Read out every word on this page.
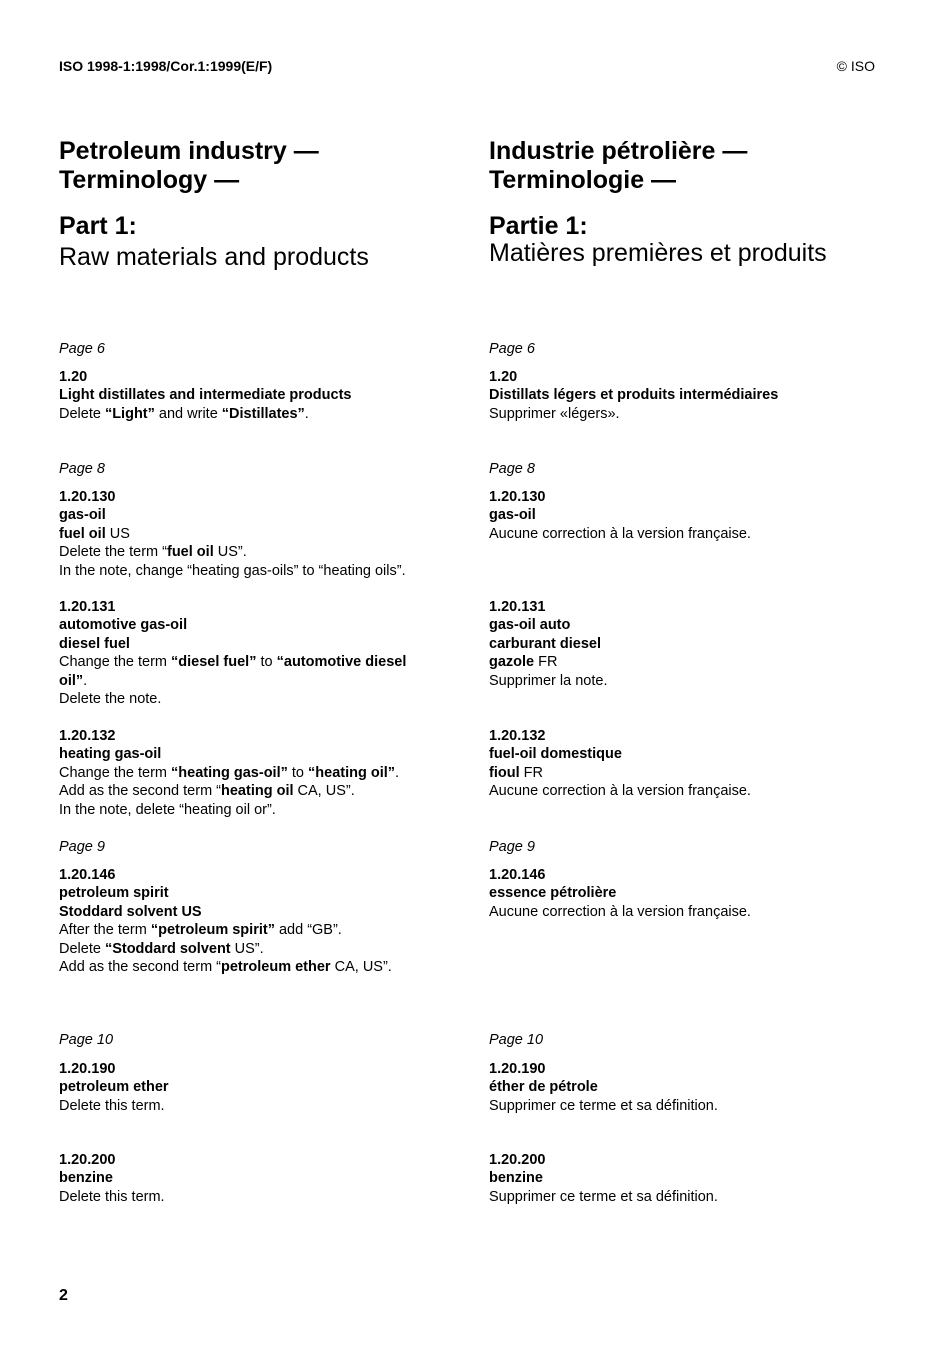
ISO 1998-1:1998/Cor.1:1999(E/F)	© ISO
Petroleum industry —
Terminology —
Part 1:
Raw materials and products
Industrie pétrolière —
Terminologie —
Partie 1:
Matières premières et produits
Page 6
1.20
Light distillates and intermediate products
Delete “Light” and write “Distillates”.
Page 8
1.20.130
gas-oil
fuel oil US
Delete the term “fuel oil US”.
In the note, change “heating gas-oils” to “heating oils”.
1.20.131
automotive gas-oil
diesel fuel
Change the term “diesel fuel” to “automotive diesel
oil”.
Delete the note.
1.20.132
heating gas-oil
Change the term “heating gas-oil” to “heating oil”.
Add as the second term “heating oil CA, US”.
In the note, delete “heating oil or”.
Page 9
1.20.146
petroleum spirit
Stoddard solvent US
After the term “petroleum spirit” add “GB”.
Delete “Stoddard solvent US”.
Add as the second term “petroleum ether CA, US”.
Page 10
1.20.190
petroleum ether
Delete this term.
1.20.200
benzine
Delete this term.
Page 6
1.20
Distillats légers et produits intermédiaires
Supprimer «légers».
Page 8
1.20.130
gas-oil
Aucune correction à la version française.
1.20.131
gas-oil auto
carburant diesel
gazole FR
Supprimer la note.
1.20.132
fuel-oil domestique
fioul FR
Aucune correction à la version française.
Page 9
1.20.146
essence pétrolière
Aucune correction à la version française.
Page 10
1.20.190
éther de pétrole
Supprimer ce terme et sa définition.
1.20.200
benzine
Supprimer ce terme et sa définition.
2
